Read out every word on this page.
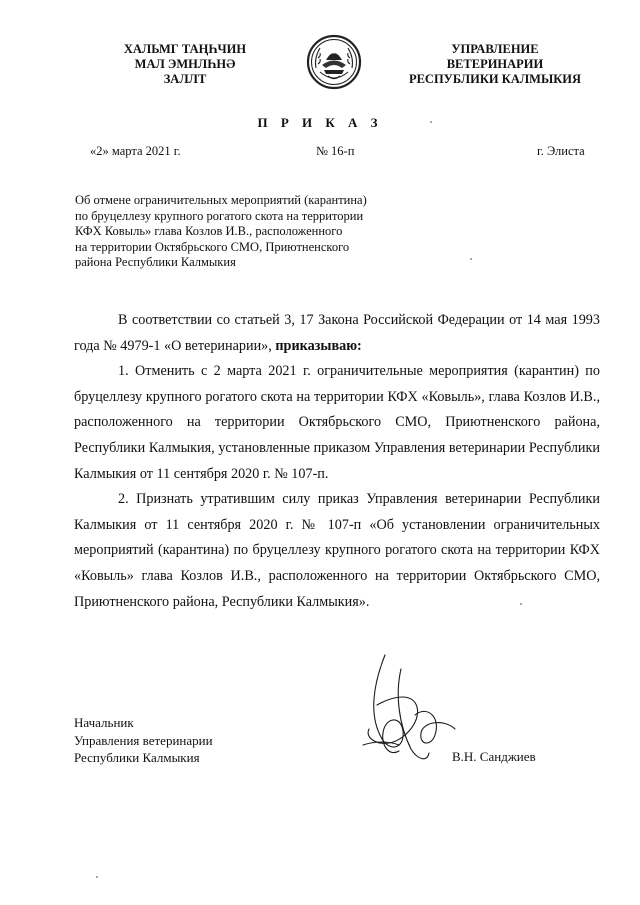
ХАЛЬМГ ТАҢҺЧИН
МАЛ ЭМНЛҺНӘ
ЗАЛЛТ
УПРАВЛЕНИЕ
ВЕТЕРИНАРИИ
РЕСПУБЛИКИ КАЛМЫКИЯ
П Р И К А З
«2» марта 2021 г.	№ 16-п	г. Элиста
Об отмене ограничительных мероприятий (карантина)
по бруцеллезу крупного рогатого скота на территории
КФХ Ковыль» глава Козлов И.В., расположенного
на территории Октябрьского СМО, Приютненского
района Республики Калмыкия

В соответствии со статьей 3, 17 Закона Российской Федерации от 14 мая 1993 года № 4979-1 «О ветеринарии», приказываю:

1. Отменить с 2 марта 2021 г. ограничительные мероприятия (карантин) по бруцеллезу крупного рогатого скота на территории КФХ «Ковыль», глава Козлов И.В., расположенного на территории Октябрьского СМО, Приютненского района, Республики Калмыкия, установленные приказом Управления ветеринарии Республики Калмыкия от 11 сентября 2020 г. № 107-п.

2. Признать утратившим силу приказ Управления ветеринарии Республики Калмыкия от 11 сентября 2020 г. № 107-п «Об установлении ограничительных мероприятий (карантина) по бруцеллезу крупного рогатого скота на территории КФХ «Ковыль» глава Козлов И.В., расположенного на территории Октябрьского СМО, Приютненского района, Республики Калмыкия».

Начальник
Управления ветеринарии
Республики Калмыкия	В.Н. Санджиев
